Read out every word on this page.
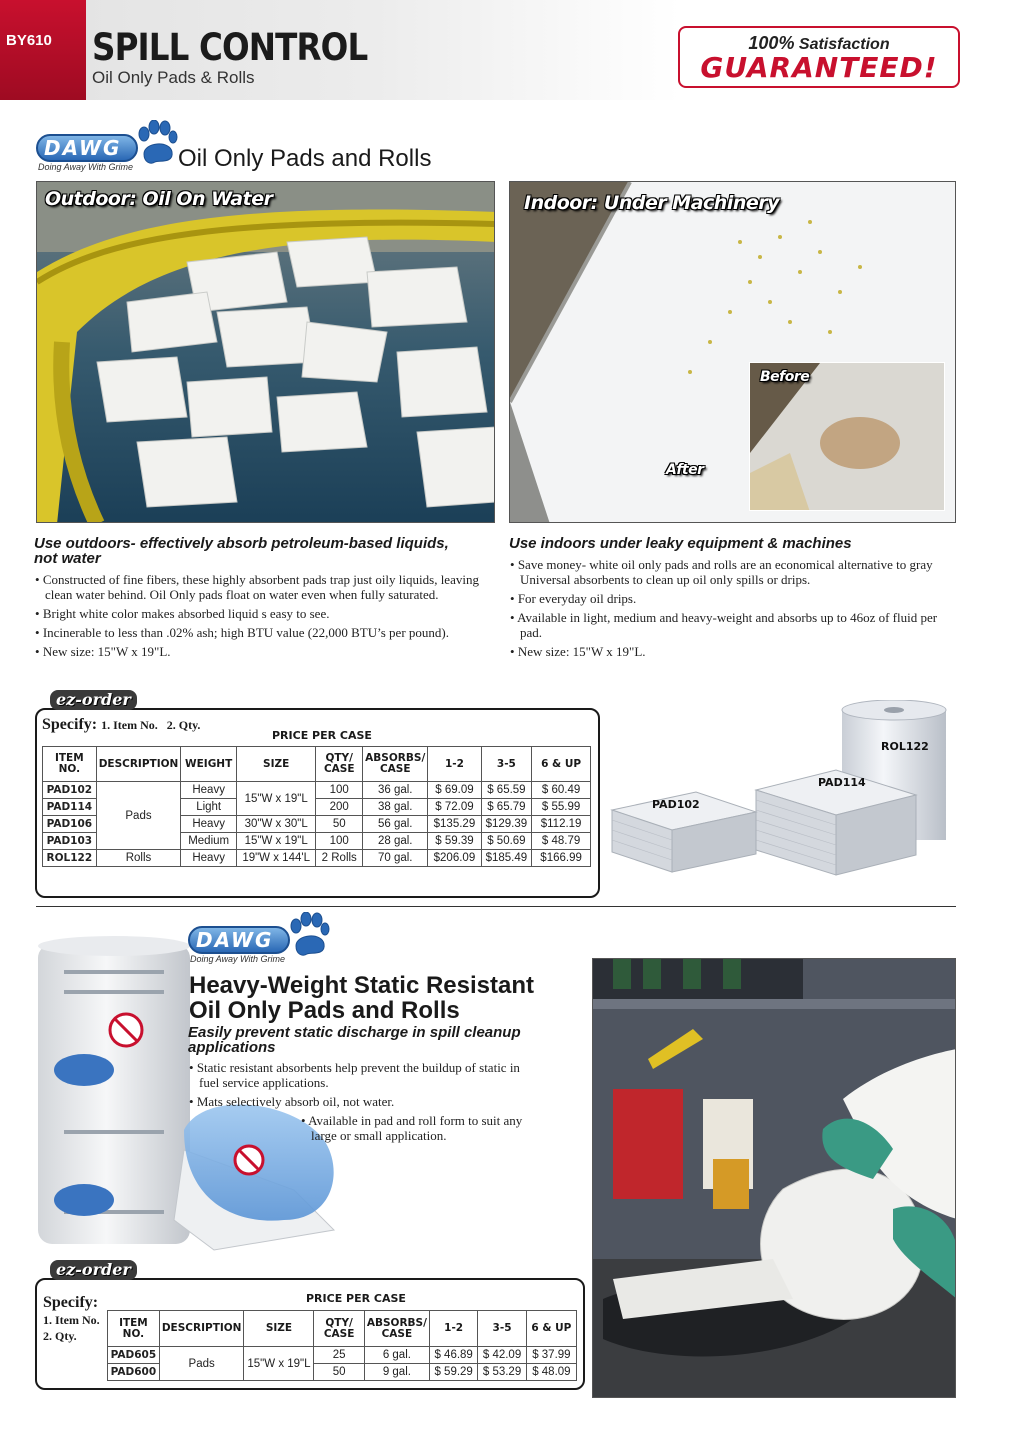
BY610	SPILL CONTROL
Oil Only Pads & Rolls
100% Satisfaction
GUARANTEED!
DAWG
Doing Away With Grime Oil Only Pads and Rolls
Outdoor: Oil On Water	Indoor: Under Machinery
After
Before
Use outdoors- effectively absorb petroleum-based liquids, not water
• Constructed of fine fibers, these highly absorbent pads trap just oily liquids, leaving clean water behind. Oil Only pads float on water even when fully saturated.
• Bright white color makes absorbed liquid s easy to see.
• Incinerable to less than .02% ash; high BTU value (22,000 BTU’s per pound).
• New size: 15"W x 19"L.
Use indoors under leaky equipment & machines
• Save money- white oil only pads and rolls are an economical alternative to gray Universal absorbents to clean up oil only spills or drips.
• For everyday oil drips.
• Available in light, medium and heavy-weight and absorbs up to 46oz of fluid per pad.
• New size: 15"W x 19"L.
ez-order
Specify: 1. Item No.   2. Qty.
PRICE PER CASE
ITEM NO.	DESCRIPTION	WEIGHT	SIZE	QTY/ CASE	ABSORBS/ CASE	1-2	3-5	6 & UP
PAD102	Pads	Heavy	15"W x 19"L	100	36 gal.	$ 69.09	$ 65.59	$ 60.49
PAD114		Light		200	38 gal.	$ 72.09	$ 65.79	$ 55.99
PAD106		Heavy	30"W x 30"L	50	56 gal.	$135.29	$129.39	$112.19
PAD103		Medium	15"W x 19"L	100	28 gal.	$ 59.39	$ 50.69	$ 48.79
ROL122	Rolls	Heavy	19"W x 144'L	2 Rolls	70 gal.	$206.09	$185.49	$166.99
ROL122
PAD114
PAD102
DAWG
Doing Away With Grime
Heavy-Weight Static Resistant
Oil Only Pads and Rolls
Easily prevent static discharge in spill cleanup applications
• Static resistant absorbents help prevent the buildup of static in fuel service applications.
• Mats selectively absorb oil, not water.
• Available in pad and roll form to suit any large or small application.
ez-order
Specify:
1. Item No.
2. Qty.
PRICE PER CASE
ITEM NO.	DESCRIPTION	SIZE	QTY/ CASE	ABSORBS/ CASE	1-2	3-5	6 & UP
PAD605	Pads	15"W x 19"L	25	6 gal.	$ 46.89	$ 42.09	$ 37.99
PAD600			50	9 gal.	$ 59.29	$ 53.29	$ 48.09
